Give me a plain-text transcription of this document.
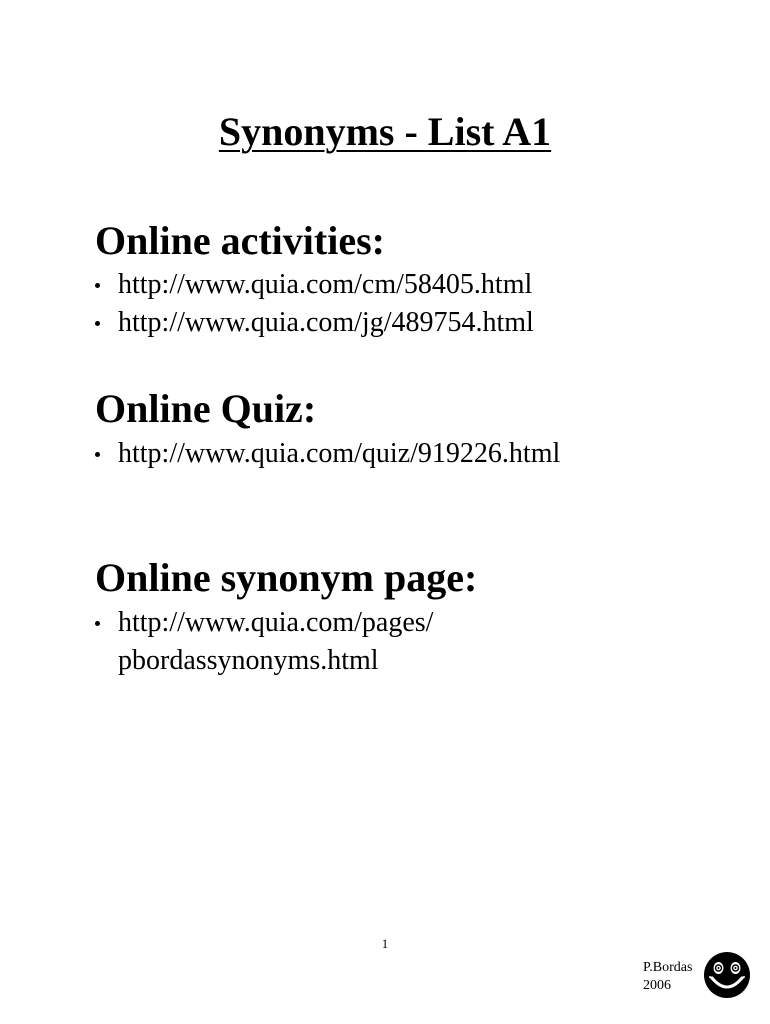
Synonyms - List A1
Online activities:
http://www.quia.com/cm/58405.html
http://www.quia.com/jg/489754.html
Online Quiz:
http://www.quia.com/quiz/919226.html
Online synonym page:
http://www.quia.com/pages/
pbordassynonyms.html
1
P.Bordas
2006
